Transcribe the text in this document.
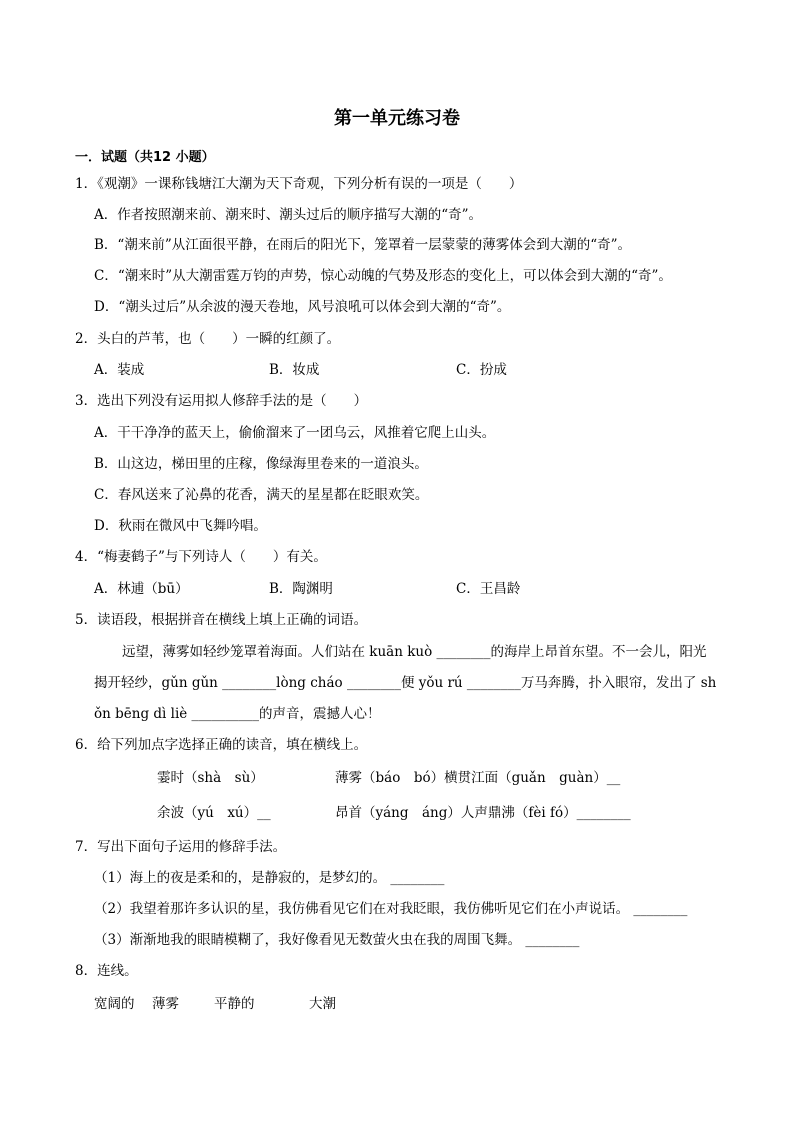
第一单元练习卷
一．试题（共12 小题）
1．《观潮》一课称钱塘江大潮为天下奇观，下列分析有误的一项是（　　）
A．作者按照潮来前、潮来时、潮头过后的顺序描写大潮的“奇”。
B．“潮来前”从江面很平静，在雨后的阳光下，笼罩着一层蒙蒙的薄雾体会到大潮的“奇”。
C．“潮来时”从大潮雷霆万钧的声势，惊心动魄的气势及形态的变化上，可以体会到大潮的“奇”。
D．“潮头过后”从余波的漫天卷地，风号浪吼可以体会到大潮的“奇”。
2．头白的芦苇，也（　　）一瞬的红颜了。
A．装成	B．妆成	C．扮成
3．选出下列没有运用拟人修辞手法的是（　　）
A．干干净净的蓝天上，偷偷溜来了一团乌云，风推着它爬上山头。
B．山这边，梯田里的庄稼，像绿海里卷来的一道浪头。
C．春风送来了沁鼻的花香，满天的星星都在眨眼欢笑。
D．秋雨在微风中飞舞吟唱。
4．“梅妻鹤子”与下列诗人（　　）有关。
A．林逋（bū）	B．陶渊明	C．王昌龄
5．读语段，根据拼音在横线上填上正确的词语。
远望，薄雾如轻纱笼罩着海面。人们站在 kuān kuò ________的海岸上昂首东望。不一会儿，阳光
揭开轻纱，gǔn gǔn ________lòng cháo ________便 yǒu rú ________万马奔腾，扑入眼帘，发出了 sh
ǒn bēng dì liè __________的声音，震撼人心！
6．给下列加点字选择正确的读音，填在横线上。
霎时（shà　sù）	薄雾（báo　bó）横贯江面（guǎn　guàn）__
余波（yú　xú）__	昂首（yáng　áng）人声鼎沸（fèi fó）________
7．写出下面句子运用的修辞手法。
（1）海上的夜是柔和的，是静寂的，是梦幻的。 ________
（2）我望着那许多认识的星，我仿佛看见它们在对我眨眼，我仿佛听见它们在小声说话。 ________
（3）渐渐地我的眼睛模糊了，我好像看见无数萤火虫在我的周围飞舞。 ________
8．连线。
宽阔的 薄雾	平静的	大潮
